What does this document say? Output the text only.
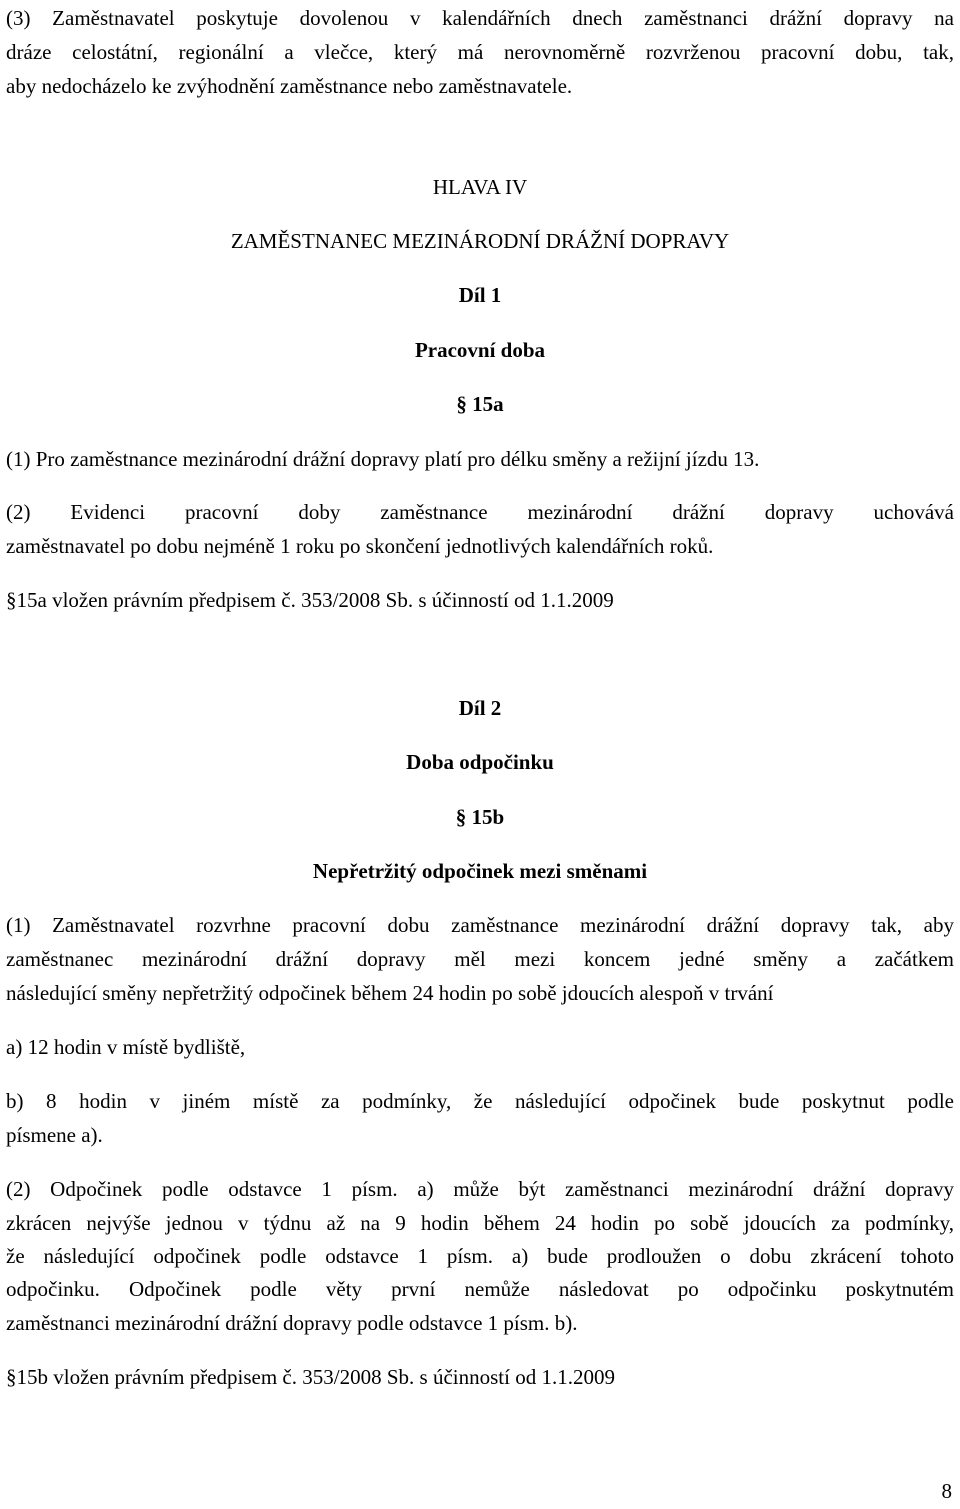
(3) Zaměstnavatel poskytuje dovolenou v kalendářních dnech zaměstnanci drážní dopravy na
dráze celostátní, regionální a vlečce, který má nerovnoměrně rozvrženou pracovní dobu, tak,
aby nedocházelo ke zvýhodnění zaměstnance nebo zaměstnavatele.
HLAVA IV
ZAMĚSTNANEC MEZINÁRODNÍ DRÁŽNÍ DOPRAVY
Díl 1
Pracovní doba
§ 15a
(1) Pro zaměstnance mezinárodní drážní dopravy platí pro délku směny a režijní jízdu 13.
(2) Evidenci pracovní doby zaměstnance mezinárodní drážní dopravy uchovává
zaměstnavatel po dobu nejméně 1 roku po skončení jednotlivých kalendářních roků.
§15a vložen právním předpisem č. 353/2008 Sb. s účinností od 1.1.2009
Díl 2
Doba odpočinku
§ 15b
Nepřetržitý odpočinek mezi směnami
(1) Zaměstnavatel rozvrhne pracovní dobu zaměstnance mezinárodní drážní dopravy tak, aby
zaměstnanec mezinárodní drážní dopravy měl mezi koncem jedné směny a začátkem
následující směny nepřetržitý odpočinek během 24 hodin po sobě jdoucích alespoň v trvání
a) 12 hodin v místě bydliště,
b) 8 hodin v jiném místě za podmínky, že následující odpočinek bude poskytnut podle
písmene a).
(2) Odpočinek podle odstavce 1 písm. a) může být zaměstnanci mezinárodní drážní dopravy
zkrácen nejvýše jednou v týdnu až na 9 hodin během 24 hodin po sobě jdoucích za podmínky,
že následující odpočinek podle odstavce 1 písm. a) bude prodloužen o dobu zkrácení tohoto
odpočinku. Odpočinek podle věty první nemůže následovat po odpočinku poskytnutém
zaměstnanci mezinárodní drážní dopravy podle odstavce 1 písm. b).
§15b vložen právním předpisem č. 353/2008 Sb. s účinností od 1.1.2009
8
